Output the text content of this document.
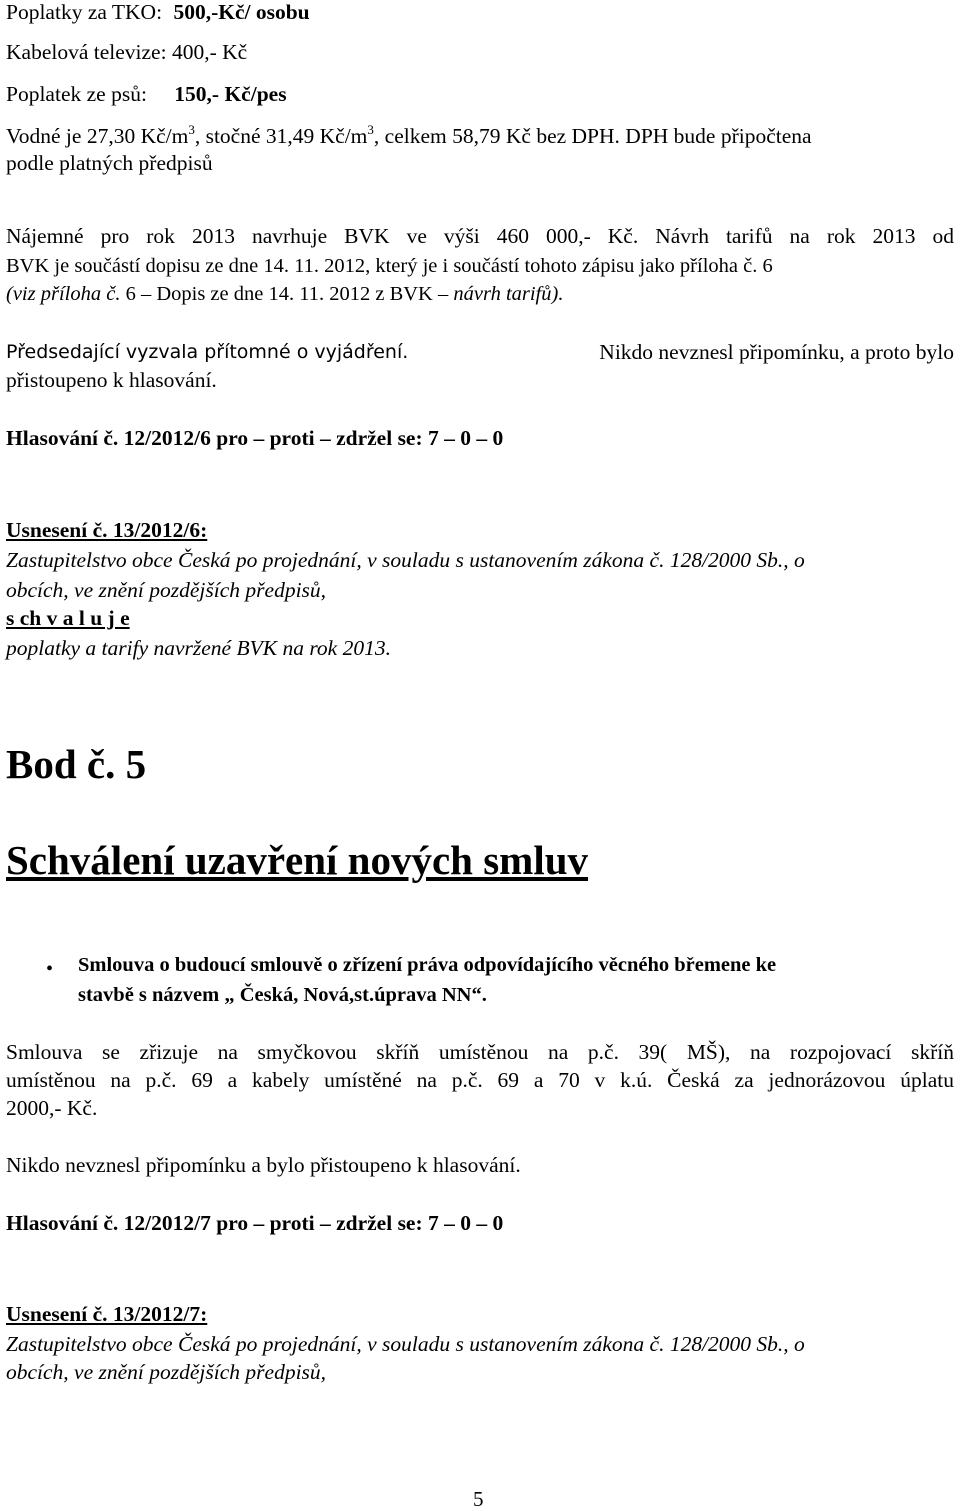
Poplatky za TKO: 500,-Kč/ osobu
Kabelová televize: 400,- Kč
Poplatek ze psů: 150,- Kč/pes
Vodné je 27,30 $Kč/m^3$, stočné 31,49 $Kč/m^3$, celkem 58,79 Kč bez DPH. DPH bude připočtena
podle platných předpisů
Nájemné pro rok 2013 navrhuje BVK ve výši 460 000,- Kč. Návrh tarifů na rok 2013 od
BVK je součástí dopisu ze dne 14. 11. 2012, který je i součástí tohoto zápisu jako příloha č. 6
(viz příloha č. 6 – Dopis ze dne 14. 11. 2012 z BVK – návrh tarifů).
Předsedající vyzvala přítomné o vyjádření.	Nikdo nevznesl připomínku, a proto bylo
přistoupeno k hlasování.
Hlasování č. 12/2012/6 pro – proti – zdržel se: 7 – 0 – 0
Usnesení č. 13/2012/6:
Zastupitelstvo obce Česká po projednání, v souladu s ustanovením zákona č. 128/2000 Sb., o
obcích, ve znění pozdějších předpisů,
s ch v a l u j e
poplatky a tarify navržené BVK na rok 2013.
Bod č. 5
Schválení uzavření nových smluv
• Smlouva o budoucí smlouvě o zřízení práva odpovídajícího věcného břemene ke
stavbě s názvem „ Česká, Nová,st.úprava NN“.
Smlouva se zřizuje na smyčkovou skříň umístěnou na p.č. 39( MŠ), na rozpojovací skříň
umístěnou na p.č. 69 a kabely umístěné na p.č. 69 a 70 v k.ú. Česká za jednorázovou úplatu
2000,- Kč.
Nikdo nevznesl připomínku a bylo přistoupeno k hlasování.
Hlasování č. 12/2012/7 pro – proti – zdržel se: 7 – 0 – 0
Usnesení č. 13/2012/7:
Zastupitelstvo obce Česká po projednání, v souladu s ustanovením zákona č. 128/2000 Sb., o
obcích, ve znění pozdějších předpisů,
5
